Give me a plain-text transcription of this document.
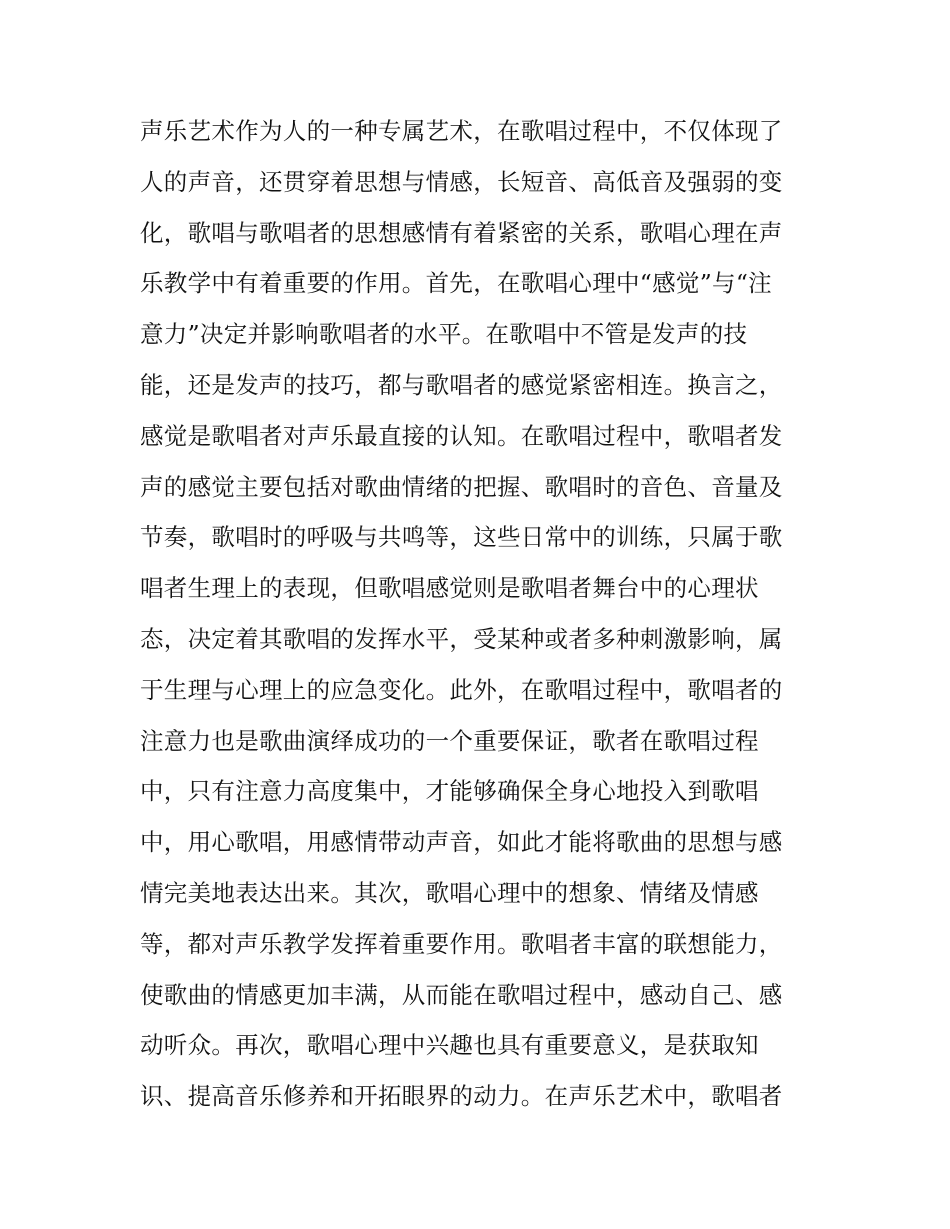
声乐艺术作为人的一种专属艺术，在歌唱过程中，不仅体现了
人的声音，还贯穿着思想与情感，长短音、高低音及强弱的变
化，歌唱与歌唱者的思想感情有着紧密的关系，歌唱心理在声
乐教学中有着重要的作用。首先，在歌唱心理中“感觉”与“注
意力”决定并影响歌唱者的水平。在歌唱中不管是发声的技
能，还是发声的技巧，都与歌唱者的感觉紧密相连。换言之，
感觉是歌唱者对声乐最直接的认知。在歌唱过程中，歌唱者发
声的感觉主要包括对歌曲情绪的把握、歌唱时的音色、音量及
节奏，歌唱时的呼吸与共鸣等，这些日常中的训练，只属于歌
唱者生理上的表现，但歌唱感觉则是歌唱者舞台中的心理状
态，决定着其歌唱的发挥水平，受某种或者多种刺激影响，属
于生理与心理上的应急变化。此外，在歌唱过程中，歌唱者的
注意力也是歌曲演绎成功的一个重要保证，歌者在歌唱过程
中，只有注意力高度集中，才能够确保全身心地投入到歌唱
中，用心歌唱，用感情带动声音，如此才能将歌曲的思想与感
情完美地表达出来。其次，歌唱心理中的想象、情绪及情感
等，都对声乐教学发挥着重要作用。歌唱者丰富的联想能力，
使歌曲的情感更加丰满，从而能在歌唱过程中，感动自己、感
动听众。再次，歌唱心理中兴趣也具有重要意义，是获取知
识、提高音乐修养和开拓眼界的动力。在声乐艺术中，歌唱者
